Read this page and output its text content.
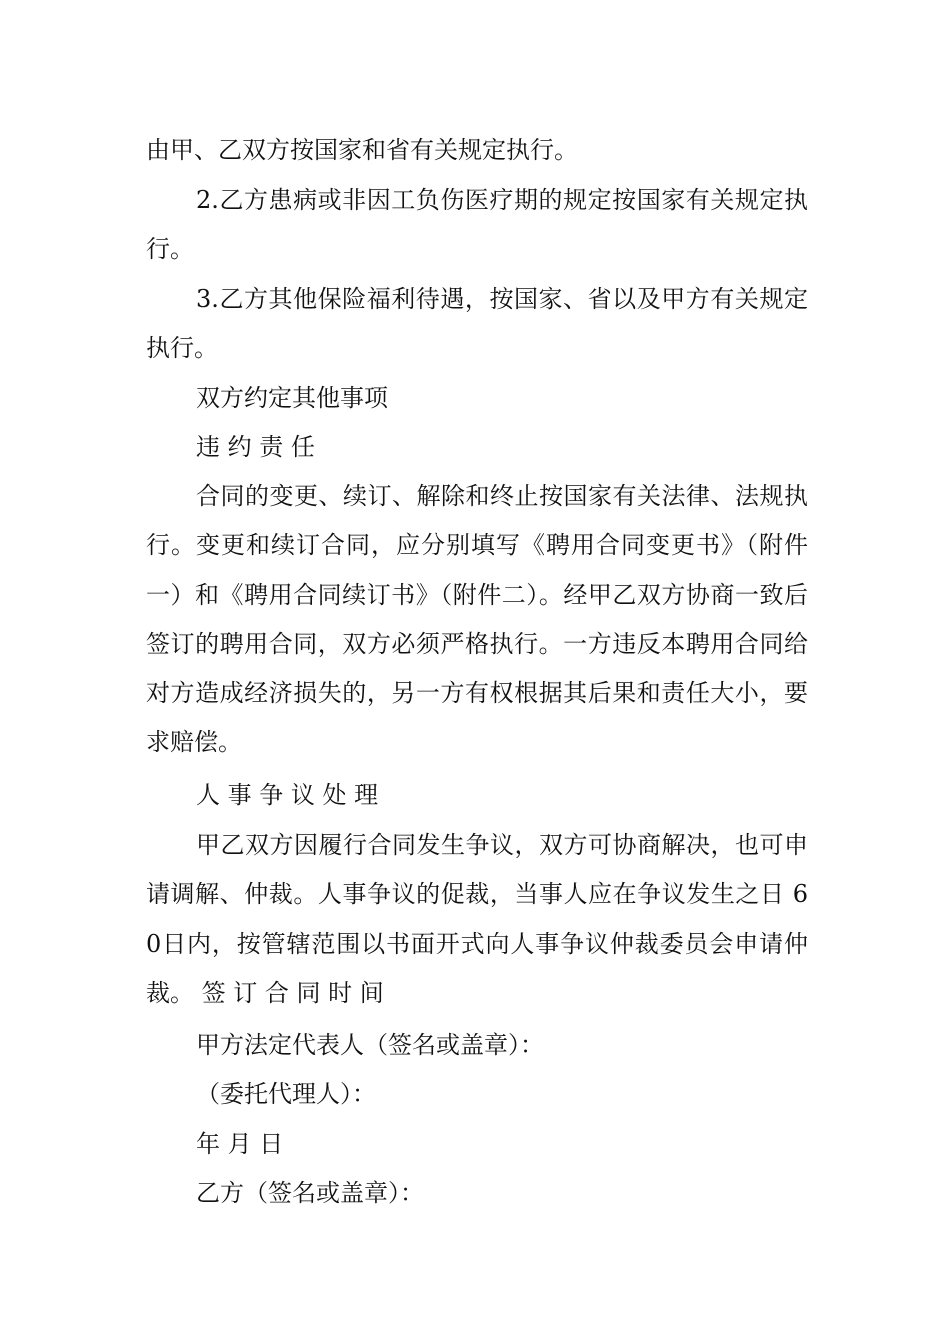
由甲、乙双方按国家和省有关规定执行。

2.乙方患病或非因工负伤医疗期的规定按国家有关规定执行。

3.乙方其他保险福利待遇，按国家、省以及甲方有关规定执行。

双方约定其他事项

违 约 责 任

合同的变更、续订、解除和终止按国家有关法律、法规执行。变更和续订合同，应分别填写《聘用合同变更书》（附件一）和《聘用合同续订书》（附件二）。经甲乙双方协商一致后签订的聘用合同，双方必须严格执行。一方违反本聘用合同给对方造成经济损失的，另一方有权根据其后果和责任大小，要求赔偿。

人 事 争 议 处 理

甲乙双方因履行合同发生争议，双方可协商解决，也可申请调解、仲裁。人事争议的促裁，当事人应在争议发生之日 60日内，按管辖范围以书面开式向人事争议仲裁委员会申请仲裁。 签 订 合 同 时 间

甲方法定代表人（签名或盖章）：

（委托代理人）：

年 月 日

乙方（签名或盖章）：
